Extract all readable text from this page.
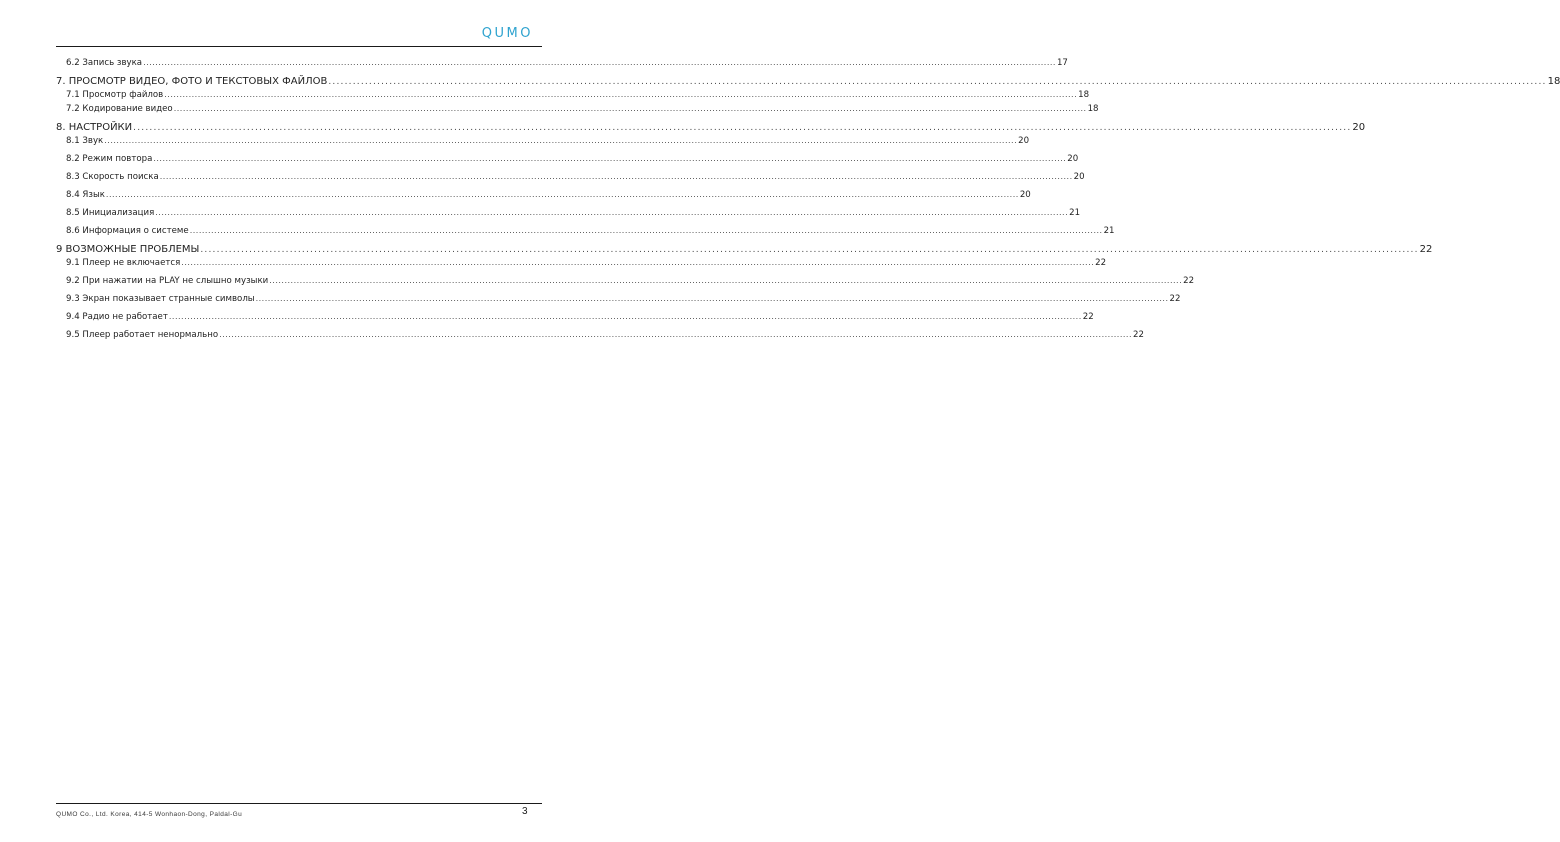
QUMO
6.2 Запись звука ............................................................................................................................................................................................................................................................................................................ 17
7. ПРОСМОТР ВИДЕО, ФОТО И ТЕКСТОВЫХ ФАЙЛОВ ............................................................................................................................................................................................................................................................................................................ 18
7.1 Просмотр файлов ............................................................................................................................................................................................................................................................................................................ 18
7.2 Кодирование видео ............................................................................................................................................................................................................................................................................................................ 18
8. НАСТРОЙКИ ............................................................................................................................................................................................................................................................................................................ 20
8.1 Звук ............................................................................................................................................................................................................................................................................................................ 20
8.2 Режим повтора ............................................................................................................................................................................................................................................................................................................ 20
8.3 Скорость поиска ............................................................................................................................................................................................................................................................................................................ 20
8.4 Язык ............................................................................................................................................................................................................................................................................................................ 20
8.5 Инициализация ............................................................................................................................................................................................................................................................................................................ 21
8.6 Информация о системе ............................................................................................................................................................................................................................................................................................................ 21
9 ВОЗМОЖНЫЕ ПРОБЛЕМЫ ............................................................................................................................................................................................................................................................................................................ 22
9.1 Плеер не включается ............................................................................................................................................................................................................................................................................................................ 22
9.2 При нажатии на PLAY не слышно музыки ............................................................................................................................................................................................................................................................................................................ 22
9.3 Экран показывает странные символы ............................................................................................................................................................................................................................................................................................................ 22
9.4 Радио не работает ............................................................................................................................................................................................................................................................................................................ 22
9.5 Плеер работает ненормально ............................................................................................................................................................................................................................................................................................................ 22
QUMO Co., Ltd. Korea, 414-5 Wonhaon-Dong, Paldal-Gu	3
